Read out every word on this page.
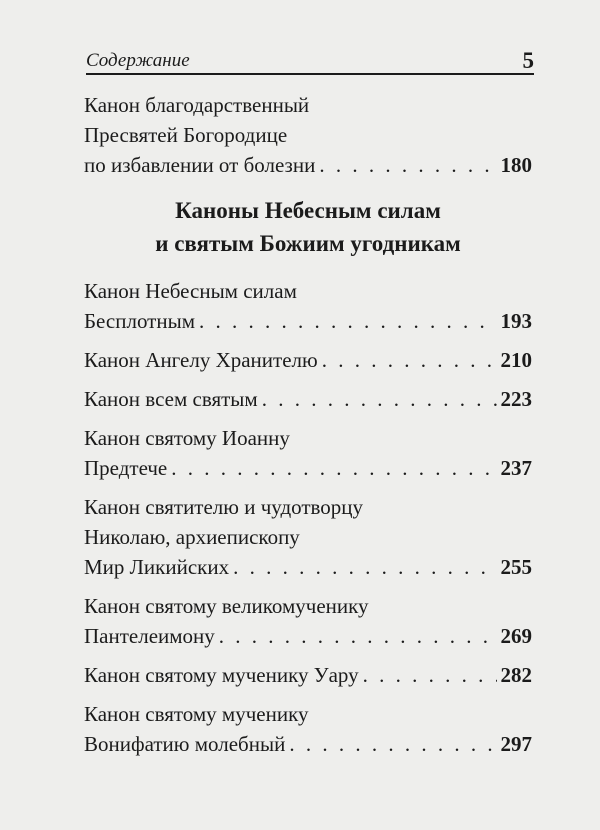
Содержание	5
Канон благодарственный
Пресвятей Богородице
по избавлении от болезни . . .	180
Каноны Небесным силам
и святым Божиим угодникам
Канон Небесным силам
Бесплотным . . .	193
Канон Ангелу Хранителю . . .	210
Канон всем святым . . .	223
Канон святому Иоанну
Предтече . . .	237
Канон святителю и чудотворцу
Николаю, архиепископу
Мир Ликийских . . .	255
Канон святому великомученику
Пантелеимону . . .	269
Канон святому мученику Уару . . .	282
Канон святому мученику
Вонифатию молебный . . .	297
